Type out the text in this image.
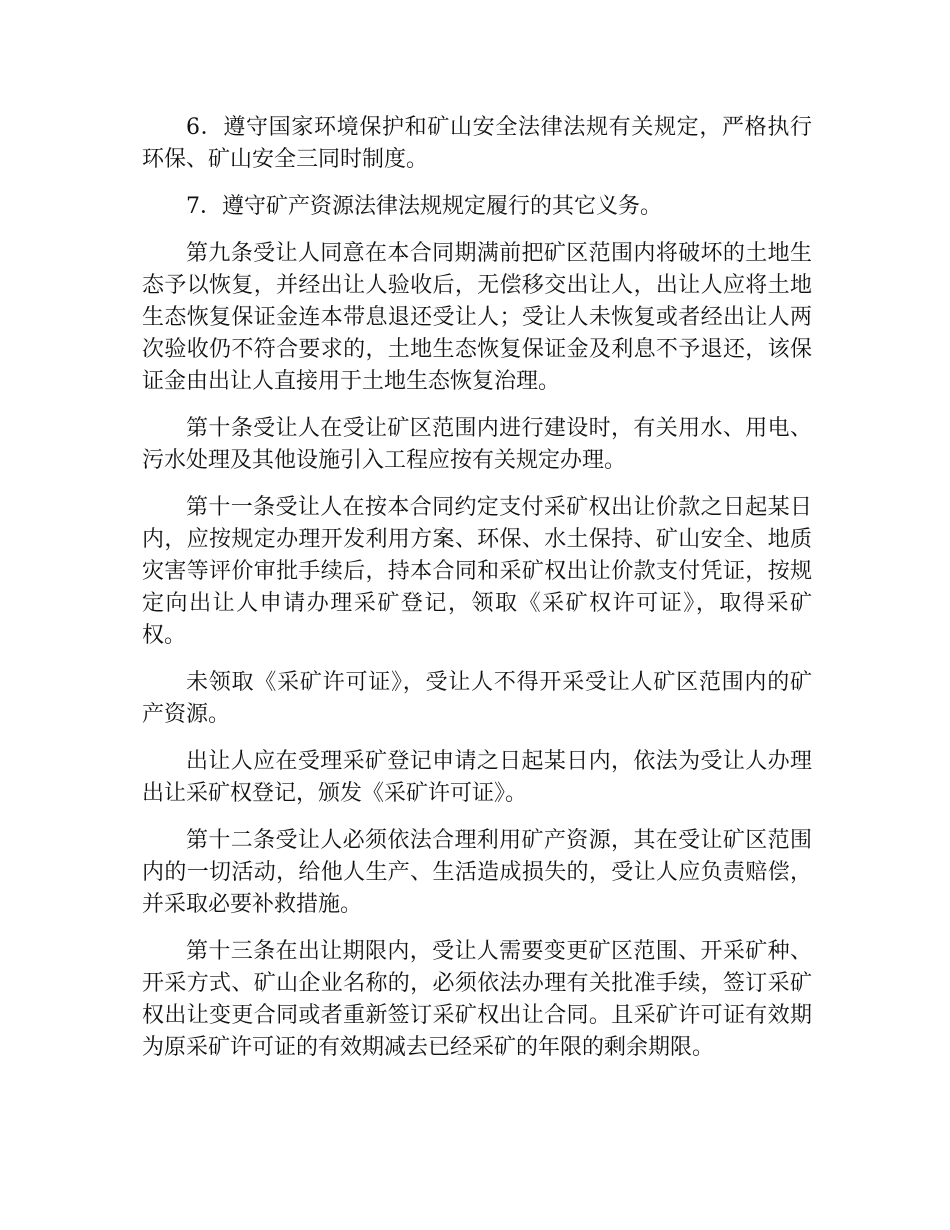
6．遵守国家环境保护和矿山安全法律法规有关规定，严格执行环保、矿山安全三同时制度。

7．遵守矿产资源法律法规规定履行的其它义务。

第九条受让人同意在本合同期满前把矿区范围内将破坏的土地生态予以恢复，并经出让人验收后，无偿移交出让人，出让人应将土地生态恢复保证金连本带息退还受让人；受让人未恢复或者经出让人两次验收仍不符合要求的，土地生态恢复保证金及利息不予退还，该保证金由出让人直接用于土地生态恢复治理。

第十条受让人在受让矿区范围内进行建设时，有关用水、用电、污水处理及其他设施引入工程应按有关规定办理。

第十一条受让人在按本合同约定支付采矿权出让价款之日起某日内，应按规定办理开发利用方案、环保、水土保持、矿山安全、地质灾害等评价审批手续后，持本合同和采矿权出让价款支付凭证，按规定向出让人申请办理采矿登记，领取《采矿权许可证》，取得采矿权。

未领取《采矿许可证》，受让人不得开采受让人矿区范围内的矿产资源。

出让人应在受理采矿登记申请之日起某日内，依法为受让人办理出让采矿权登记，颁发《采矿许可证》。

第十二条受让人必须依法合理利用矿产资源，其在受让矿区范围内的一切活动，给他人生产、生活造成损失的，受让人应负责赔偿，并采取必要补救措施。

第十三条在出让期限内，受让人需要变更矿区范围、开采矿种、开采方式、矿山企业名称的，必须依法办理有关批准手续，签订采矿权出让变更合同或者重新签订采矿权出让合同。且采矿许可证有效期为原采矿许可证的有效期减去已经采矿的年限的剩余期限。
